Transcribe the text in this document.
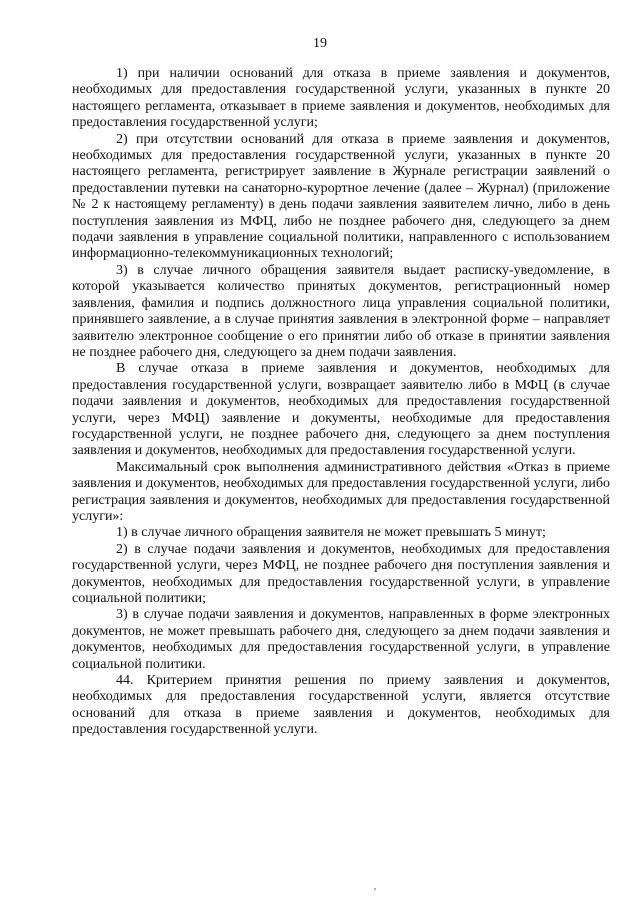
19

1) при наличии оснований для отказа в приеме заявления и документов, необходимых для предоставления государственной услуги, указанных в пункте 20 настоящего регламента, отказывает в приеме заявления и документов, необходимых для предоставления государственной услуги;

2) при отсутствии оснований для отказа в приеме заявления и документов, необходимых для предоставления государственной услуги, указанных в пункте 20 настоящего регламента, регистрирует заявление в Журнале регистрации заявлений о предоставлении путевки на санаторно-курортное лечение (далее – Журнал) (приложение № 2 к настоящему регламенту) в день подачи заявления заявителем лично, либо в день поступления заявления из МФЦ, либо не позднее рабочего дня, следующего за днем подачи заявления в управление социальной политики, направленного с использованием информационно-телекоммуникационных технологий;

3) в случае личного обращения заявителя выдает расписку-уведомление, в которой указывается количество принятых документов, регистрационный номер заявления, фамилия и подпись должностного лица управления социальной политики, принявшего заявление, а в случае принятия заявления в электронной форме – направляет заявителю электронное сообщение о его принятии либо об отказе в принятии заявления не позднее рабочего дня, следующего за днем подачи заявления.

В случае отказа в приеме заявления и документов, необходимых для предоставления государственной услуги, возвращает заявителю либо в МФЦ (в случае подачи заявления и документов, необходимых для предоставления государственной услуги, через МФЦ) заявление и документы, необходимые для предоставления государственной услуги, не позднее рабочего дня, следующего за днем поступления заявления и документов, необходимых для предоставления государственной услуги.

Максимальный срок выполнения административного действия «Отказ в приеме заявления и документов, необходимых для предоставления государственной услуги, либо регистрация заявления и документов, необходимых для предоставления государственной услуги»:

1) в случае личного обращения заявителя не может превышать 5 минут;

2) в случае подачи заявления и документов, необходимых для предоставления государственной услуги, через МФЦ, не позднее рабочего дня поступления заявления и документов, необходимых для предоставления государственной услуги, в управление социальной политики;

3) в случае подачи заявления и документов, направленных в форме электронных документов, не может превышать рабочего дня, следующего за днем подачи заявления и документов, необходимых для предоставления государственной услуги, в управление социальной политики.

44. Критерием принятия решения по приему заявления и документов, необходимых для предоставления государственной услуги, является отсутствие оснований для отказа в приеме заявления и документов, необходимых для предоставления государственной услуги.
